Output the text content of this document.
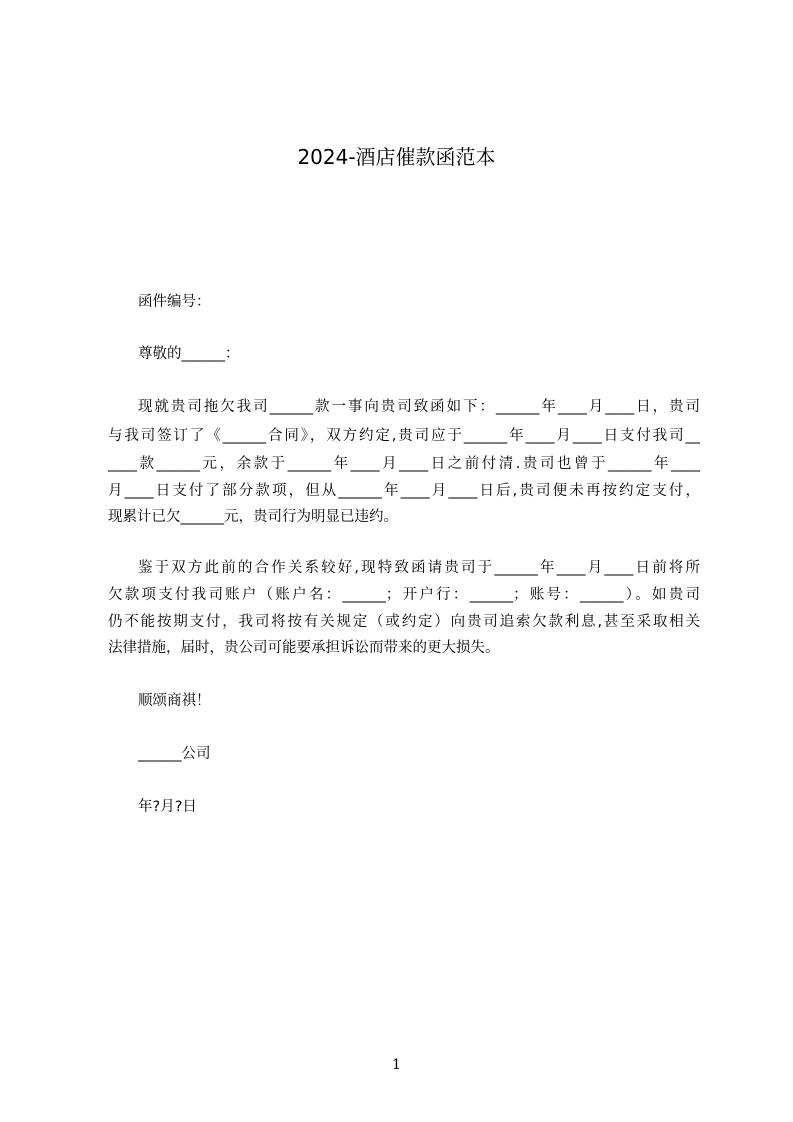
2024-酒店催款函范本
函件编号：
尊敬的______：
现就贵司拖欠我司______款一事向贵司致函如下：______年____月____日，贵司
与我司签订了《______合同》，双方约定,贵司应于______年____月____日支付我司__
____款______元，余款于______年____月____日之前付清.贵司也曾于______年____
月____日支付了部分款项，但从______年____月____日后,贵司便未再按约定支付，
现累计已欠______元，贵司行为明显已违约。
鉴于双方此前的合作关系较好,现特致函请贵司于______年____月____日前将所
欠款项支付我司账户（账户名：______；开户行：______；账号：______）。如贵司
仍不能按期支付，我司将按有关规定（或约定）向贵司追索欠款利息,甚至采取相关
法律措施，届时，贵公司可能要承担诉讼而带来的更大损失。
顺颂商祺！
______公司
年?月?日
1
